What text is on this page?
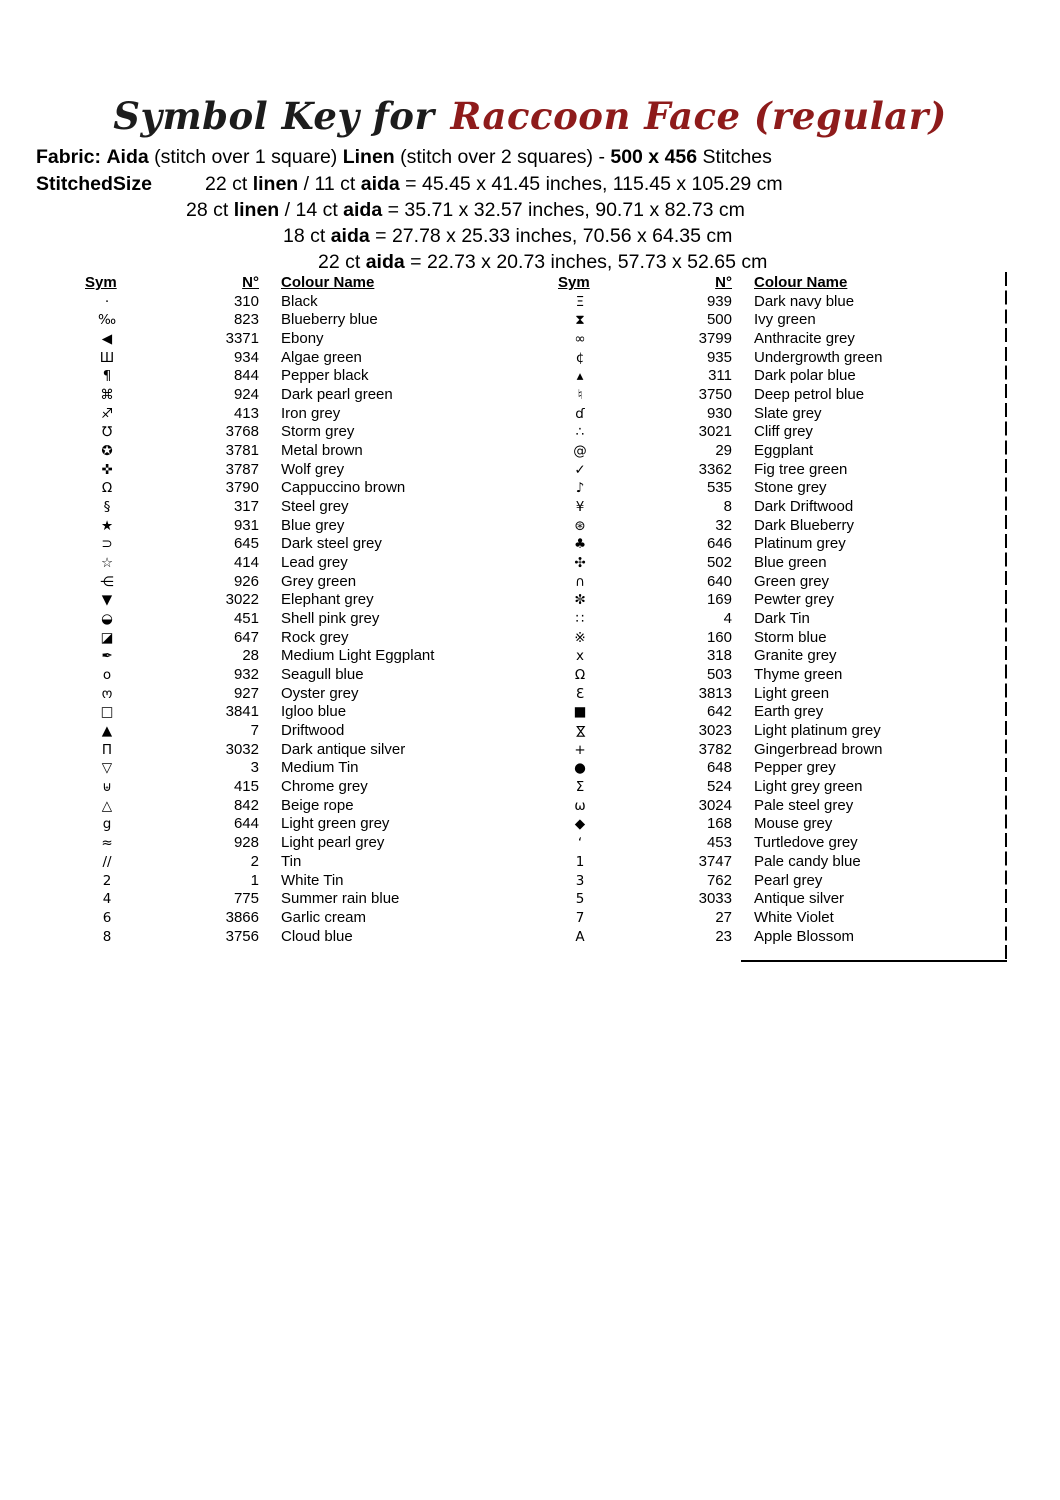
Symbol Key for Raccoon Face (regular)
Fabric: Aida (stitch over 1 square) Linen (stitch over 2 squares) - 500 x 456 Stitches
StitchedSize	22 ct linen / 11 ct aida = 45.45 x 41.45 inches, 115.45 x 105.29 cm
28 ct linen / 14 ct aida = 35.71 x 32.57 inches, 90.71 x 82.73 cm
18 ct aida = 27.78 x 25.33 inches, 70.56 x 64.35 cm
22 ct aida = 22.73 x 20.73 inches, 57.73 x 52.65 cm
Sym	N° Colour Name
·	310 Black
‰	823 Blueberry blue
◀	3371 Ebony
Ш	934 Algae green
¶	844 Pepper black
⌘	924 Dark pearl green
♐	413 Iron grey
℧	3768 Storm grey
✪	3781 Metal brown
✜	3787 Wolf grey
Ω	3790 Cappuccino brown
§	317 Steel grey
★	931 Blue grey
⊃	645 Dark steel grey
☆	414 Lead grey
⋲	926 Grey green
▼	3022 Elephant grey
◒	451 Shell pink grey
◪	647 Rock grey
✒	28 Medium Light Eggplant
o	932 Seagull blue
ო	927 Oyster grey
□	3841 Igloo blue
▲	7 Driftwood
Π	3032 Dark antique silver
▽	3 Medium Tin
⊎	415 Chrome grey
△	842 Beige rope
g	644 Light green grey
≈	928 Light pearl grey
//	2 Tin
2	1 White Tin
4	775 Summer rain blue
6	3866 Garlic cream
8	3756 Cloud blue
Sym	N° Colour Name
Ξ	939 Dark navy blue
⧗	500 Ivy green
∞	3799 Anthracite grey
¢	935 Undergrowth green
▴	311 Dark polar blue
♮	3750 Deep petrol blue
ɗ	930 Slate grey
∴	3021 Cliff grey
@	29 Eggplant
✓	3362 Fig tree green
♪	535 Stone grey
¥	8 Dark Driftwood
⊛	32 Dark Blueberry
♣	646 Platinum grey
✣	502 Blue green
∩	640 Green grey
✼	169 Pewter grey
∷	4 Dark Tin
※	160 Storm blue
x	318 Granite grey
Ω	503 Thyme green
Ɛ	3813 Light green
■	642 Earth grey
⋈	3023 Light platinum grey
+	3782 Gingerbread brown
●	648 Pepper grey
Σ	524 Light grey green
ω	3024 Pale steel grey
◆	168 Mouse grey
ʻ	453 Turtledove grey
1	3747 Pale candy blue
3	762 Pearl grey
5	3033 Antique silver
7	27 White Violet
A	23 Apple Blossom
